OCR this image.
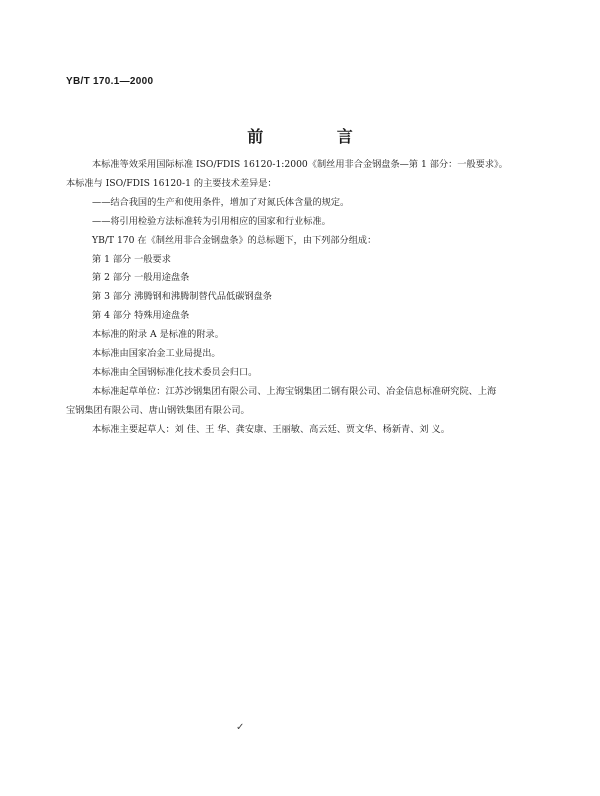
YB/T 170.1—2000
前 言

本标准等效采用国际标准 ISO/FDIS 16120-1:2000《制丝用非合金钢盘条—第 1 部分：一般要求》。

本标准与 ISO/FDIS 16120-1 的主要技术差异是：

——结合我国的生产和使用条件，增加了对氮氏体含量的规定。

——将引用检验方法标准转为引用相应的国家和行业标准。

YB/T 170 在《制丝用非合金钢盘条》的总标题下，由下列部分组成：

第 1 部分 一般要求

第 2 部分 一般用途盘条

第 3 部分 沸腾钢和沸腾制替代品低碳钢盘条

第 4 部分 特殊用途盘条

本标准的附录 A 是标准的附录。

本标准由国家冶金工业局提出。

本标准由全国钢标准化技术委员会归口。

本标准起草单位：江苏沙钢集团有限公司、上海宝钢集团二钢有限公司、冶金信息标准研究院、上海

宝钢集团有限公司、唐山钢铁集团有限公司。

本标准主要起草人：刘 佳、王 华、龚安康、王丽敏、高云廷、贾文华、杨新青、刘 义。

✓
